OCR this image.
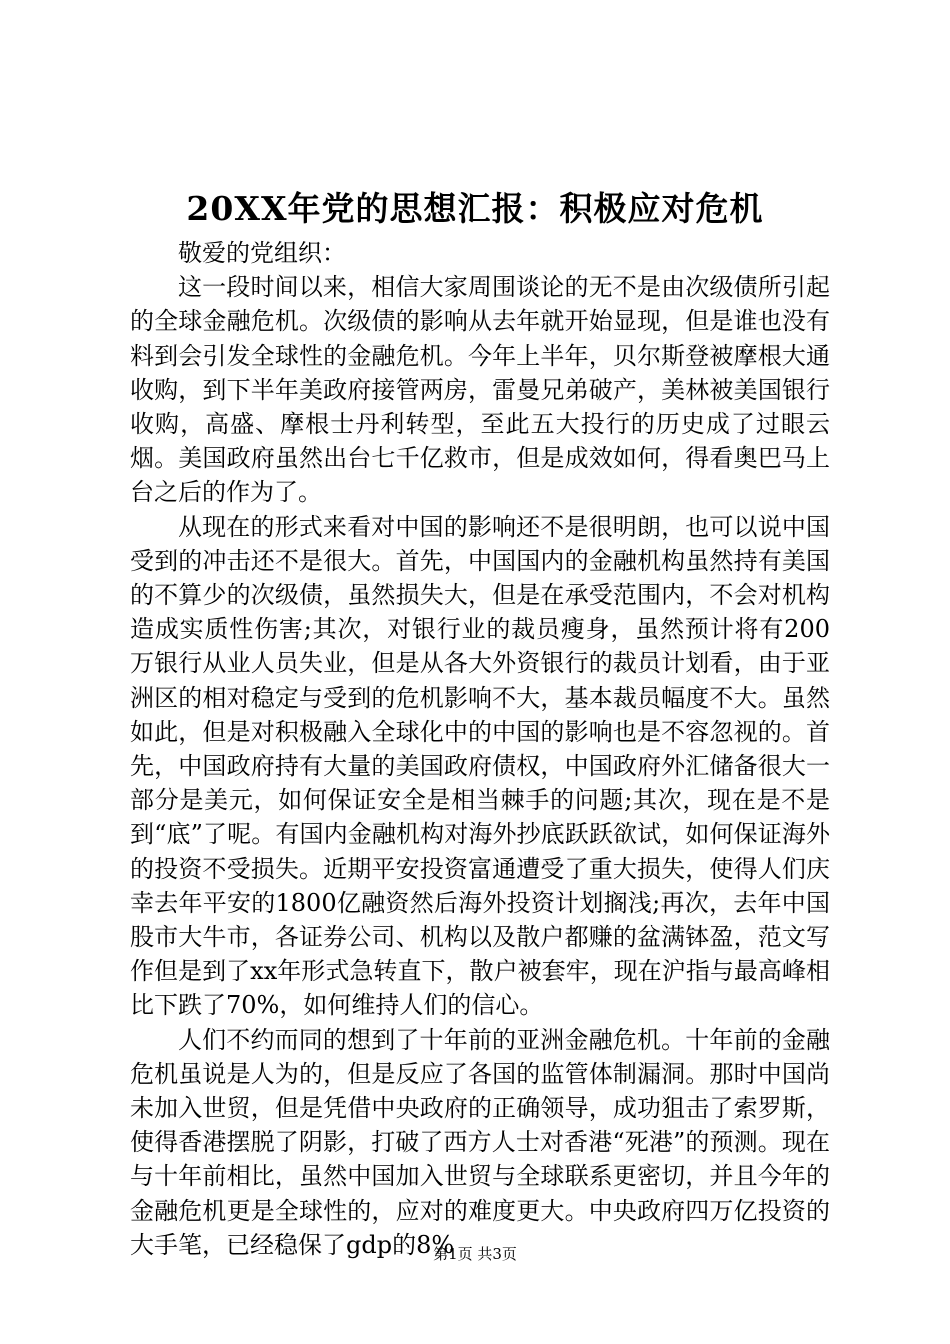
20XX年党的思想汇报：积极应对危机

敬爱的党组织：

这一段时间以来，相信大家周围谈论的无不是由次级债所引起的全球金融危机。次级债的影响从去年就开始显现，但是谁也没有料到会引发全球性的金融危机。今年上半年，贝尔斯登被摩根大通收购，到下半年美政府接管两房，雷曼兄弟破产，美林被美国银行收购，高盛、摩根士丹利转型，至此五大投行的历史成了过眼云烟。美国政府虽然出台七千亿救市，但是成效如何，得看奥巴马上台之后的作为了。

从现在的形式来看对中国的影响还不是很明朗，也可以说中国受到的冲击还不是很大。首先，中国国内的金融机构虽然持有美国的不算少的次级债，虽然损失大，但是在承受范围内，不会对机构造成实质性伤害;其次，对银行业的裁员瘦身，虽然预计将有200万银行从业人员失业，但是从各大外资银行的裁员计划看，由于亚洲区的相对稳定与受到的危机影响不大，基本裁员幅度不大。虽然如此，但是对积极融入全球化中的中国的影响也是不容忽视的。首先，中国政府持有大量的美国政府债权，中国政府外汇储备很大一部分是美元，如何保证安全是相当棘手的问题;其次，现在是不是到“底”了呢。有国内金融机构对海外抄底跃跃欲试，如何保证海外的投资不受损失。近期平安投资富通遭受了重大损失，使得人们庆幸去年平安的1800亿融资然后海外投资计划搁浅;再次，去年中国股市大牛市，各证券公司、机构以及散户都赚的盆满钵盈，范文写作但是到了xx年形式急转直下，散户被套牢，现在沪指与最高峰相比下跌了70%，如何维持人们的信心。

人们不约而同的想到了十年前的亚洲金融危机。十年前的金融危机虽说是人为的，但是反应了各国的监管体制漏洞。那时中国尚未加入世贸，但是凭借中央政府的正确领导，成功狙击了索罗斯，使得香港摆脱了阴影，打破了西方人士对香港“死港”的预测。现在与十年前相比，虽然中国加入世贸与全球联系更密切，并且今年的金融危机更是全球性的，应对的难度更大。中央政府四万亿投资的大手笔，已经稳保了gdp的8%

第1页 共3页
